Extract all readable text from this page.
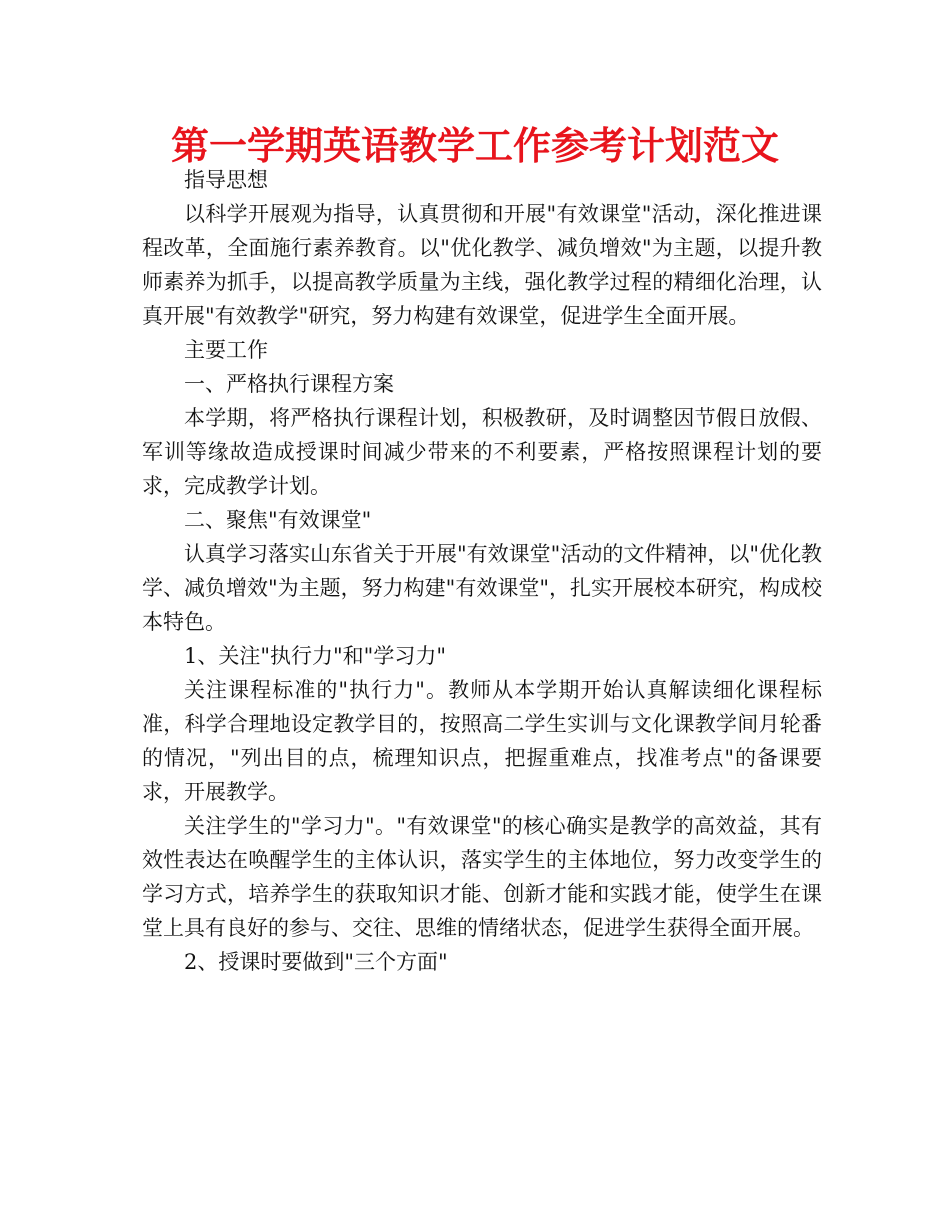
第一学期英语教学工作参考计划范文

指导思想

以科学开展观为指导，认真贯彻和开展"有效课堂"活动，深化推进课程改革，全面施行素养教育。以"优化教学、减负增效"为主题，以提升教师素养为抓手，以提高教学质量为主线，强化教学过程的精细化治理，认真开展"有效教学"研究，努力构建有效课堂，促进学生全面开展。

主要工作

一、严格执行课程方案

本学期，将严格执行课程计划，积极教研，及时调整因节假日放假、军训等缘故造成授课时间减少带来的不利要素，严格按照课程计划的要求，完成教学计划。

二、聚焦"有效课堂"

认真学习落实山东省关于开展"有效课堂"活动的文件精神，以"优化教学、减负增效"为主题，努力构建"有效课堂"，扎实开展校本研究，构成校本特色。

1、关注"执行力"和"学习力"

关注课程标准的"执行力"。教师从本学期开始认真解读细化课程标准，科学合理地设定教学目的，按照高二学生实训与文化课教学间月轮番的情况，"列出目的点，梳理知识点，把握重难点，找准考点"的备课要求，开展教学。

关注学生的"学习力"。"有效课堂"的核心确实是教学的高效益，其有效性表达在唤醒学生的主体认识，落实学生的主体地位，努力改变学生的学习方式，培养学生的获取知识才能、创新才能和实践才能，使学生在课堂上具有良好的参与、交往、思维的情绪状态，促进学生获得全面开展。

2、授课时要做到"三个方面"
